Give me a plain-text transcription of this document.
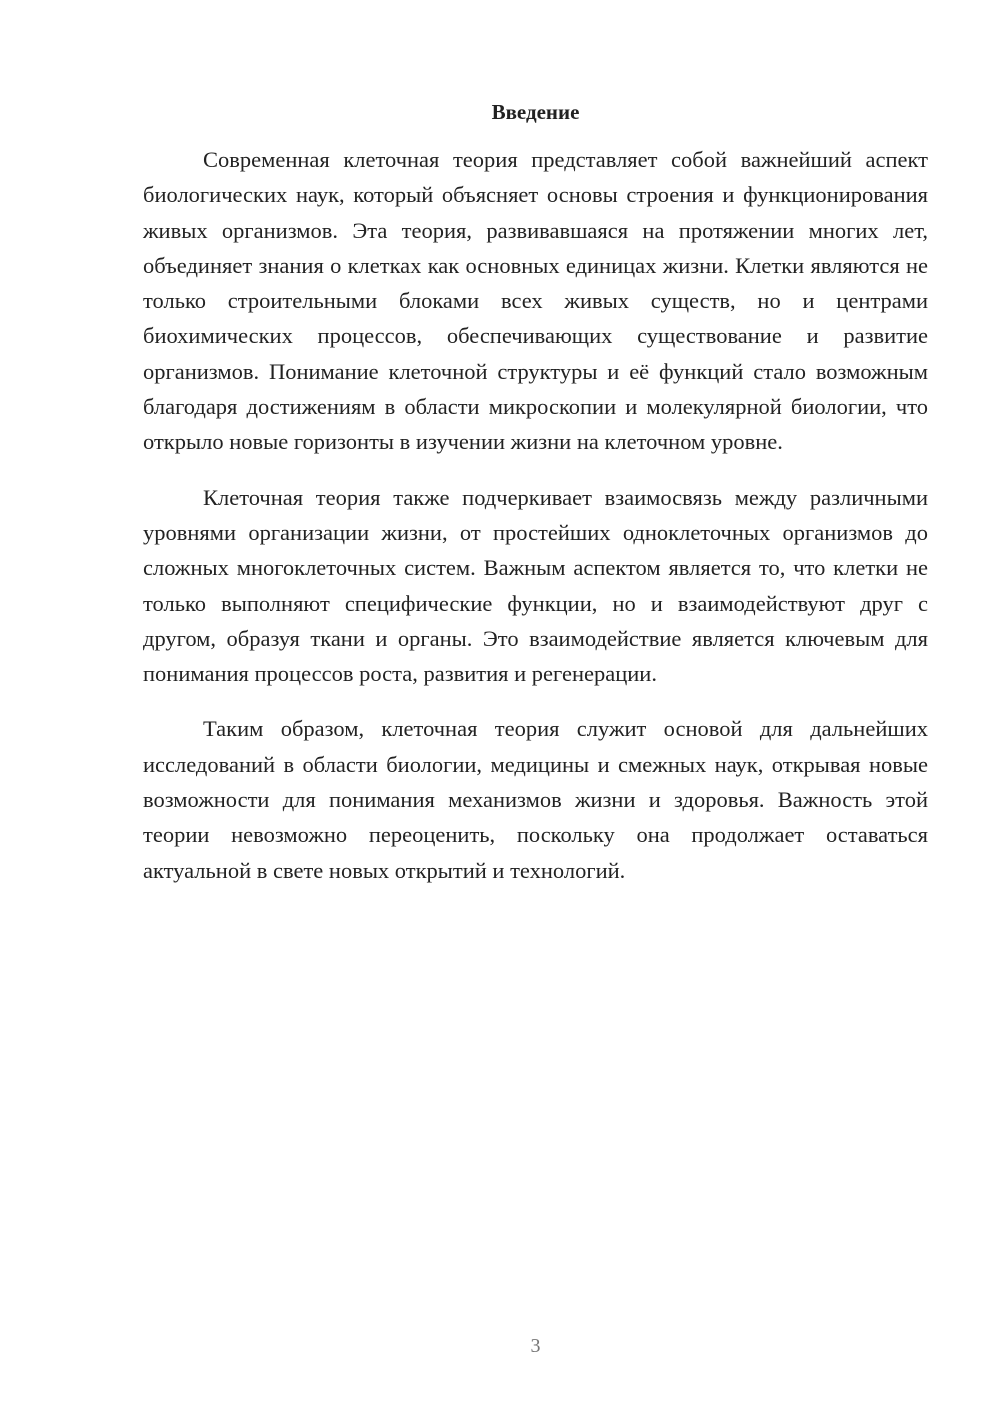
Введение

Современная клеточная теория представляет собой важнейший аспект биологических наук, который объясняет основы строения и функционирования живых организмов. Эта теория, развивавшаяся на протяжении многих лет, объединяет знания о клетках как основных единицах жизни. Клетки являются не только строительными блоками всех живых существ, но и центрами биохимических процессов, обеспечивающих существование и развитие организмов. Понимание клеточной структуры и её функций стало возможным благодаря достижениям в области микроскопии и молекулярной биологии, что открыло новые горизонты в изучении жизни на клеточном уровне.

Клеточная теория также подчеркивает взаимосвязь между различными уровнями организации жизни, от простейших одноклеточных организмов до сложных многоклеточных систем. Важным аспектом является то, что клетки не только выполняют специфические функции, но и взаимодействуют друг с другом, образуя ткани и органы. Это взаимодействие является ключевым для понимания процессов роста, развития и регенерации.

Таким образом, клеточная теория служит основой для дальнейших исследований в области биологии, медицины и смежных наук, открывая новые возможности для понимания механизмов жизни и здоровья. Важность этой теории невозможно переоценить, поскольку она продолжает оставаться актуальной в свете новых открытий и технологий.

3
